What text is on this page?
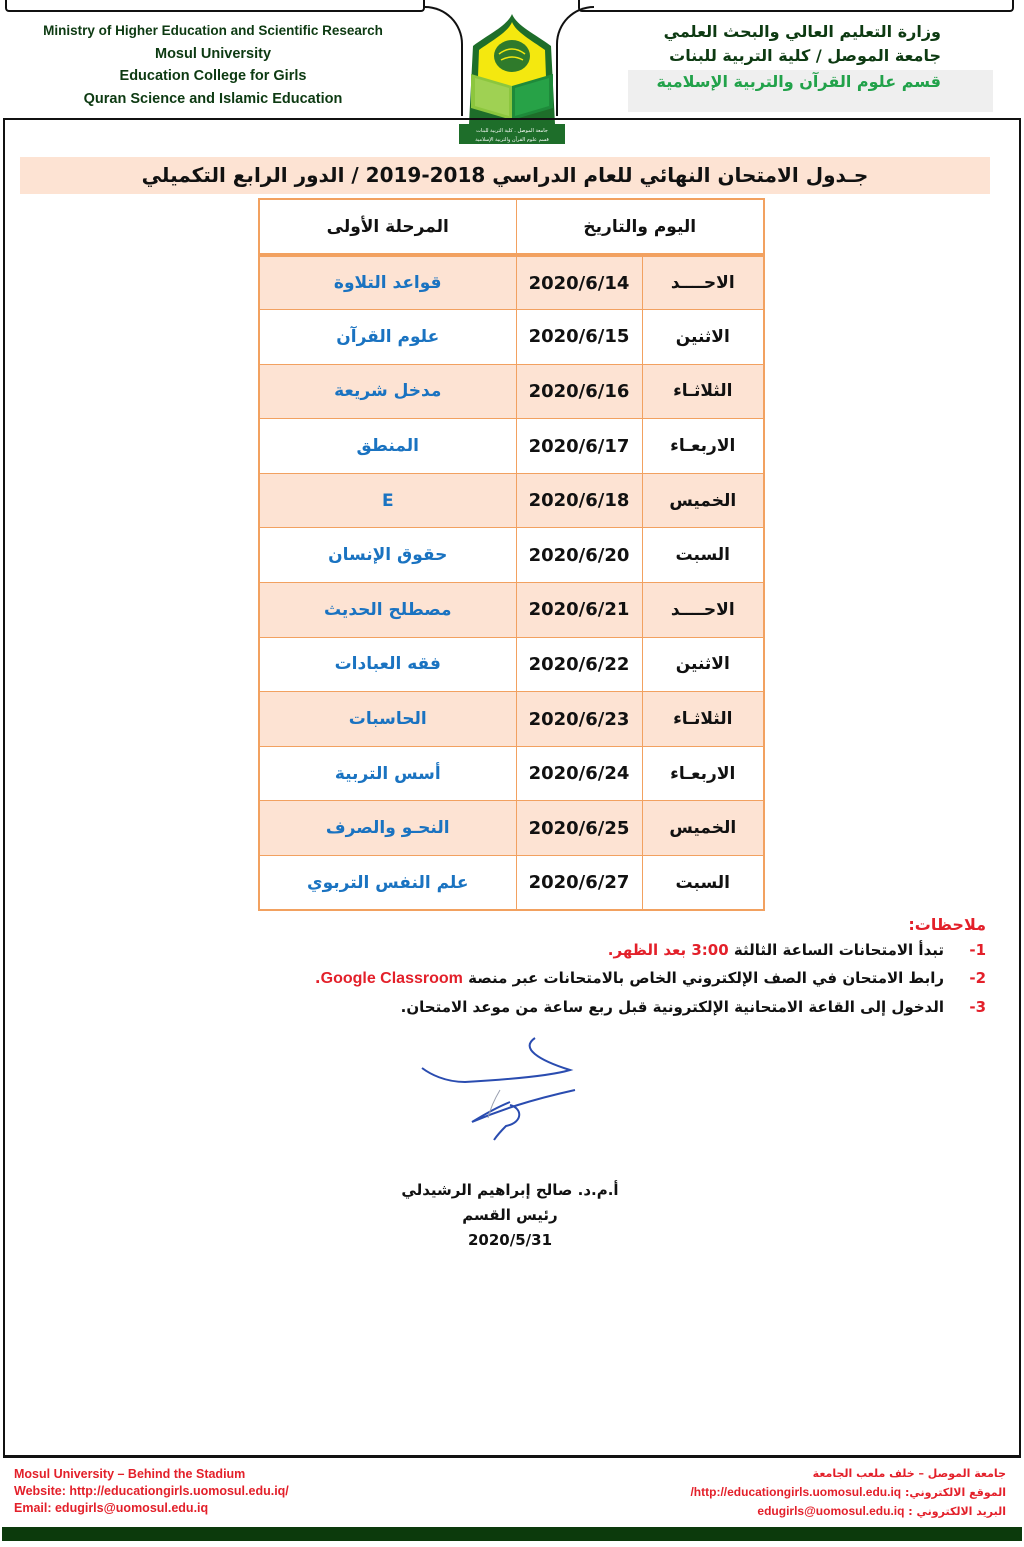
Ministry of Higher Education and Scientific Research
Mosul University
Education College for Girls
Quran Science and Islamic Education
وزارة التعليم العالي والبحث العلمي
جامعة الموصل / كلية التربية للبنات
قسم علوم القرآن والتربية الإسلامية
جامعة الموصل . كلية التربية للبنات
قسم علوم القرآن والتربية الإسلامية
جـدول الامتحان النهائي للعام الدراسي 2018-2019 / الدور الرابع التكميلي
اليوم والتاريخ		المرحلة الأولى
الاحــــد	2020/6/14	قواعد التلاوة
الاثنين	2020/6/15	علوم القرآن
الثلاثـاء	2020/6/16	مدخل شريعة
الاربعـاء	2020/6/17	المنطق
الخميس	2020/6/18	E
السبت	2020/6/20	حقوق الإنسان
الاحــــد	2020/6/21	مصطلح الحديث
الاثنين	2020/6/22	فقه العبادات
الثلاثـاء	2020/6/23	الحاسبات
الاربعـاء	2020/6/24	أسس التربية
الخميس	2020/6/25	النحـو والصرف
السبت	2020/6/27	علم النفس التربوي
ملاحظات:
1-تبدأ الامتحانات الساعة الثالثة 3:00 بعد الظهر.
2-رابط الامتحان في الصف الإلكتروني الخاص بالامتحانات عبر منصة Google Classroom.
3-الدخول إلى القاعة الامتحانية الإلكترونية قبل ربع ساعة من موعد الامتحان.
أ.م.د. صالح إبراهيم الرشيدلي
رئيس القسم
2020/5/31
Mosul University – Behind the Stadium
Website: http://educationgirls.uomosul.edu.iq/
Email: edugirls@uomosul.edu.iq
جامعة الموصل – خلف ملعب الجامعة
الموقع الالكتروني: http://educationgirls.uomosul.edu.iq/
البريد الالكتروني : edugirls@uomosul.edu.iq
